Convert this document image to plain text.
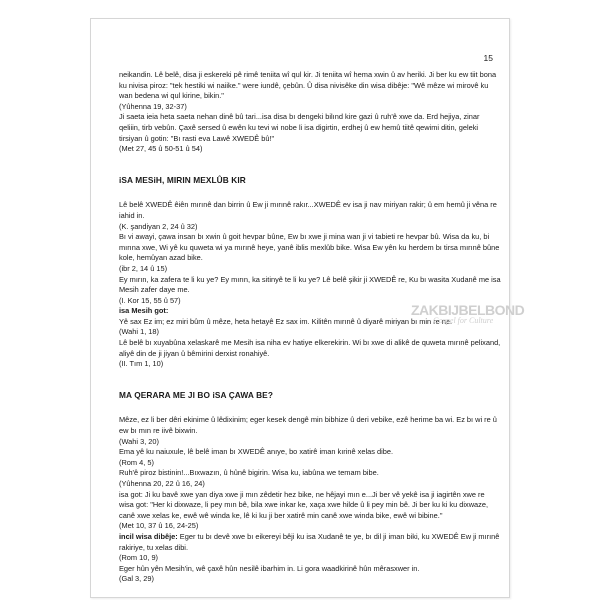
15
neikandin. Lê belê, disa ji eskereki pê rimê teniita wî qul kir. Ji teniita wî hema xwin û av heriki. Ji ber ku ew tiit bona ku nivisa piroz: "tek hestiki wi naiike." were iundê, çebûn. Û disa nivisêke din wisa dibêje: "Wê mêze wi mirovê ku wan bedena wi qul kirine, bikin."
(Yûhenna 19, 32-37)
Ji saeta ieia heta saeta nehan dinê bû tari...isa disa bı dengeki bilınd kire gazi û ruh'ê xwe da. Erd hejiya, zinar qeliiin, tirb vebûn. Çaxê sersed û ewên ku tevi wi nobe li isa digirtin, erdhej û ew hemû tiitê qewimi ditin, geleki tirsiyan û gotin: "Bı rasti eva Lawê XWEDÊ bû!"
(Met 27, 45 û 50-51 û 54)
iSA MESiH, MIRIN MEXLÛB KIR
Lê belê XWEDÊ êiên mırınê dan birrin û Ew ji mırınê rakır...XWEDÊ ev isa ji nav miriyan rakir; û em hemû ji vêna re iahid in.
(K. şandiyan 2, 24 û 32)
Bı vi awayi, çawa insan bı xwin û goit hevpar bûne, Ew bı xwe ji mina wan ji vi tabieti re hevpar bû. Wisa da ku, bi mırına xwe, Wi yê ku quweta wi ya mırınê heye, yanê iblis mexlûb bike. Wisa Ew yên ku herdem bı tirsa mırınê bûne kole, hemûyan azad bike.
(ibr 2, 14 û 15)
Ey mırın, ka zafera te li ku ye? Ey mırın, ka sitinyê te li ku ye? Lê belê şikir ji XWEDÊ re, Ku bı wasita Xudanê me isa Mesih zafer daye me.
(I. Kor 15, 55 û 57)
isa Mesih got:
Yê sax Ez im; ez miri bûm û mêze, heta hetayê Ez sax im. Kilitên mırınê û diyarê miriyan bı min re ne.
(Wahi 1, 18)
Lê belê bı xuyabûna xelaskarê me Mesih isa niha ev hatiye elkerekirin. Wi bı xwe di alikê de quweta mırınê pelixand, aliyê din de ji jiyan û bêmirini derxist ronahiyê.
(II. Tım 1, 10)
MA QERARA ME JI BO iSA ÇAWA BE?
Mêze, ez li ber dêri ekinime û lêdixinim; eger kesek dengê min bibhize û deri vebike, ezê herime ba wi. Ez bı wi re û ew bı mın re iivê bixwin.
(Wahi 3, 20)
Ema yê ku naiuxule, lê belê iman bı XWEDÊ anıye, bo xatirê iman kırinê xelas dibe.
(Rom 4, 5)
Ruh'ê piroz bistinin!...Bıxwazın, û hûnê bigirin. Wisa ku, iabûna we temam bibe.
(Yûhenna 20, 22 û 16, 24)
isa got: Ji ku bavê xwe yan diya xwe ji mın zêdetir hez bike, ne hêjayi mın e...Ji ber vê yekê isa ji iagirtên xwe re wisa got: "Her ki dixwaze, li pey mın bê, bila xwe inkar ke, xaça xwe hilde û li pey min bê. Ji ber ku ki ku dixwaze, canê xwe xelas ke, ewê wê winda ke, lê ki ku ji ber xatirê min canê xwe winda bike, ewê wi bibine."
(Met 10, 37 û 16, 24-25)
incil wisa dibêje: Eger tu bı devê xwe bı eikereyi bêji ku isa Xudanê te ye, bı dil ji iman biki, ku XWEDÊ Ew ji mırınê rakiriye, tu xelas dibi.
(Rom 10, 9)
Eger hûn yên Mesih'in, wê çaxê hûn nesilê ibarhim in. Li gora waadkirinê hûn mêrasxwer in.
(Gal 3, 29)
ZAKBIJBELBOND
Gospel for Culture
